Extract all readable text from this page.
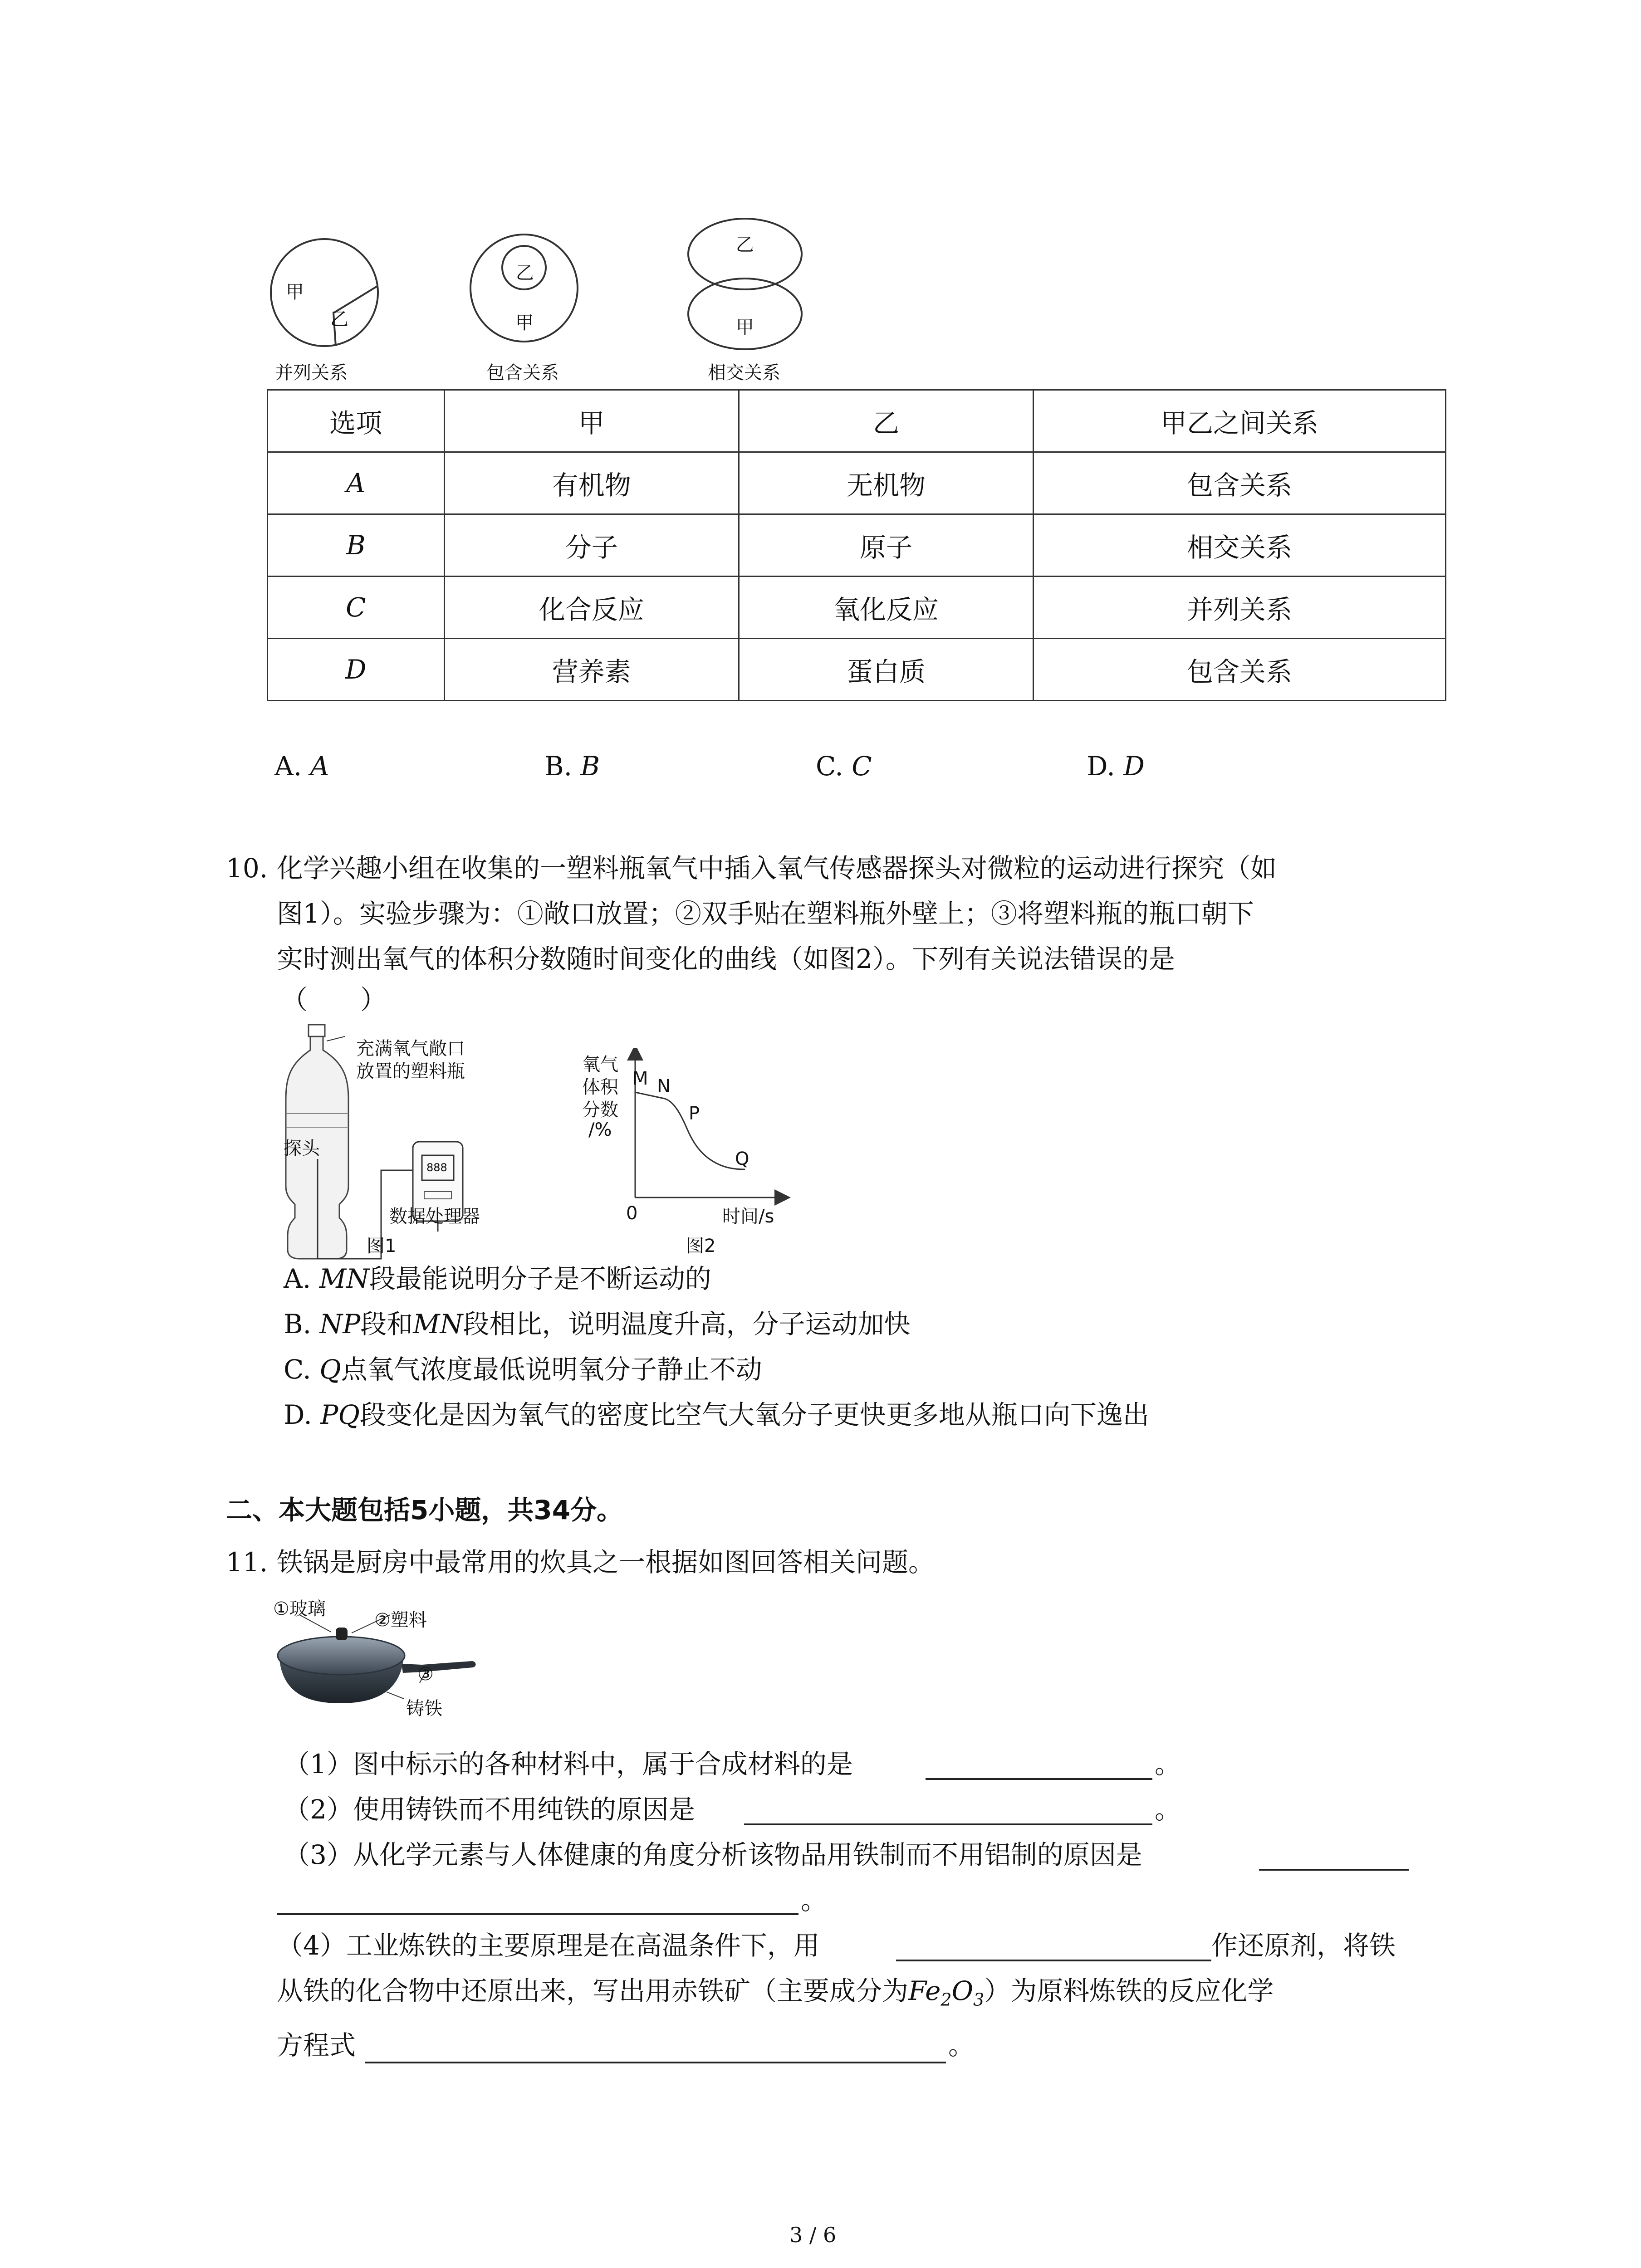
甲
乙
并列关系
乙
甲
包含关系
乙
甲
相交关系
选项	甲	乙	甲乙之间关系
A	有机物	无机物	包含关系
B	分子	原子	相交关系
C	化合反应	氧化反应	并列关系
D	营养素	蛋白质	包含关系
A. A	B. B	C. C	D. D
10. 化学兴趣小组在收集的一塑料瓶氧气中插入氧气传感器探头对微粒的运动进行探究（如
图1）。实验步骤为：①敞口放置；②双手贴在塑料瓶外壁上；③将塑料瓶的瓶口朝下
实时测出氧气的体积分数随时间变化的曲线（如图2）。下列有关说法错误的是
（　　）
充满氧气敞口
放置的塑料瓶
探头
888
数据处理器
图1
氧气
体积
分数
/%
M N
P
Q
0	时间/s
图2
A. MN段最能说明分子是不断运动的
B. NP段和MN段相比，说明温度升高，分子运动加快
C. Q点氧气浓度最低说明氧分子静止不动
D. PQ段变化是因为氧气的密度比空气大氧分子更快更多地从瓶口向下逸出
二、本大题包括5小题，共34分。
11. 铁锅是厨房中最常用的炊具之一根据如图回答相关问题。
①玻璃
②塑料
③
铸铁
（1）图中标示的各种材料中，属于合成材料的是	。
（2）使用铸铁而不用纯铁的原因是	。
（3）从化学元素与人体健康的角度分析该物品用铁制而不用铝制的原因是
。
（4）工业炼铁的主要原理是在高温条件下，用	作还原剂，将铁
从铁的化合物中还原出来，写出用赤铁矿（主要成分为$Fe_2O_3$）为原料炼铁的反应化学
方程式	。
3 / 6
